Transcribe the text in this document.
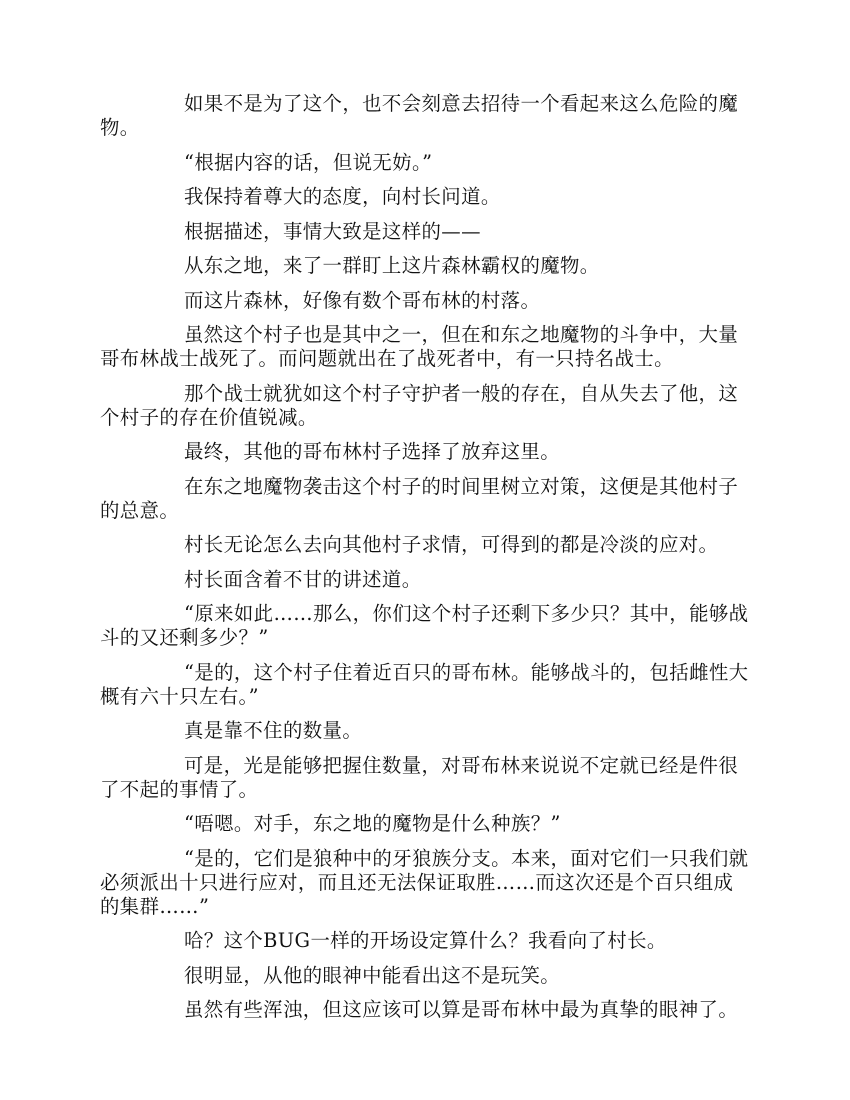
如果不是为了这个，也不会刻意去招待一个看起来这么危险的魔物。

“根据内容的话，但说无妨。”

我保持着尊大的态度，向村长问道。

根据描述，事情大致是这样的——

从东之地，来了一群盯上这片森林霸权的魔物。

而这片森林，好像有数个哥布林的村落。

虽然这个村子也是其中之一，但在和东之地魔物的斗争中，大量哥布林战士战死了。而问题就出在了战死者中，有一只持名战士。

那个战士就犹如这个村子守护者一般的存在，自从失去了他，这个村子的存在价值锐减。

最终，其他的哥布林村子选择了放弃这里。

在东之地魔物袭击这个村子的时间里树立对策，这便是其他村子的总意。

村长无论怎么去向其他村子求情，可得到的都是冷淡的应对。

村长面含着不甘的讲述道。

“原来如此……那么，你们这个村子还剩下多少只？其中，能够战斗的又还剩多少？”

“是的，这个村子住着近百只的哥布林。能够战斗的，包括雌性大概有六十只左右。”

真是靠不住的数量。

可是，光是能够把握住数量，对哥布林来说说不定就已经是件很了不起的事情了。

“唔嗯。对手，东之地的魔物是什么种族？”

“是的，它们是狼种中的牙狼族分支。本来，面对它们一只我们就必须派出十只进行应对，而且还无法保证取胜……而这次还是个百只组成的集群……”

哈？这个BUG一样的开场设定算什么？我看向了村长。

很明显，从他的眼神中能看出这不是玩笑。

虽然有些浑浊，但这应该可以算是哥布林中最为真挚的眼神了。
